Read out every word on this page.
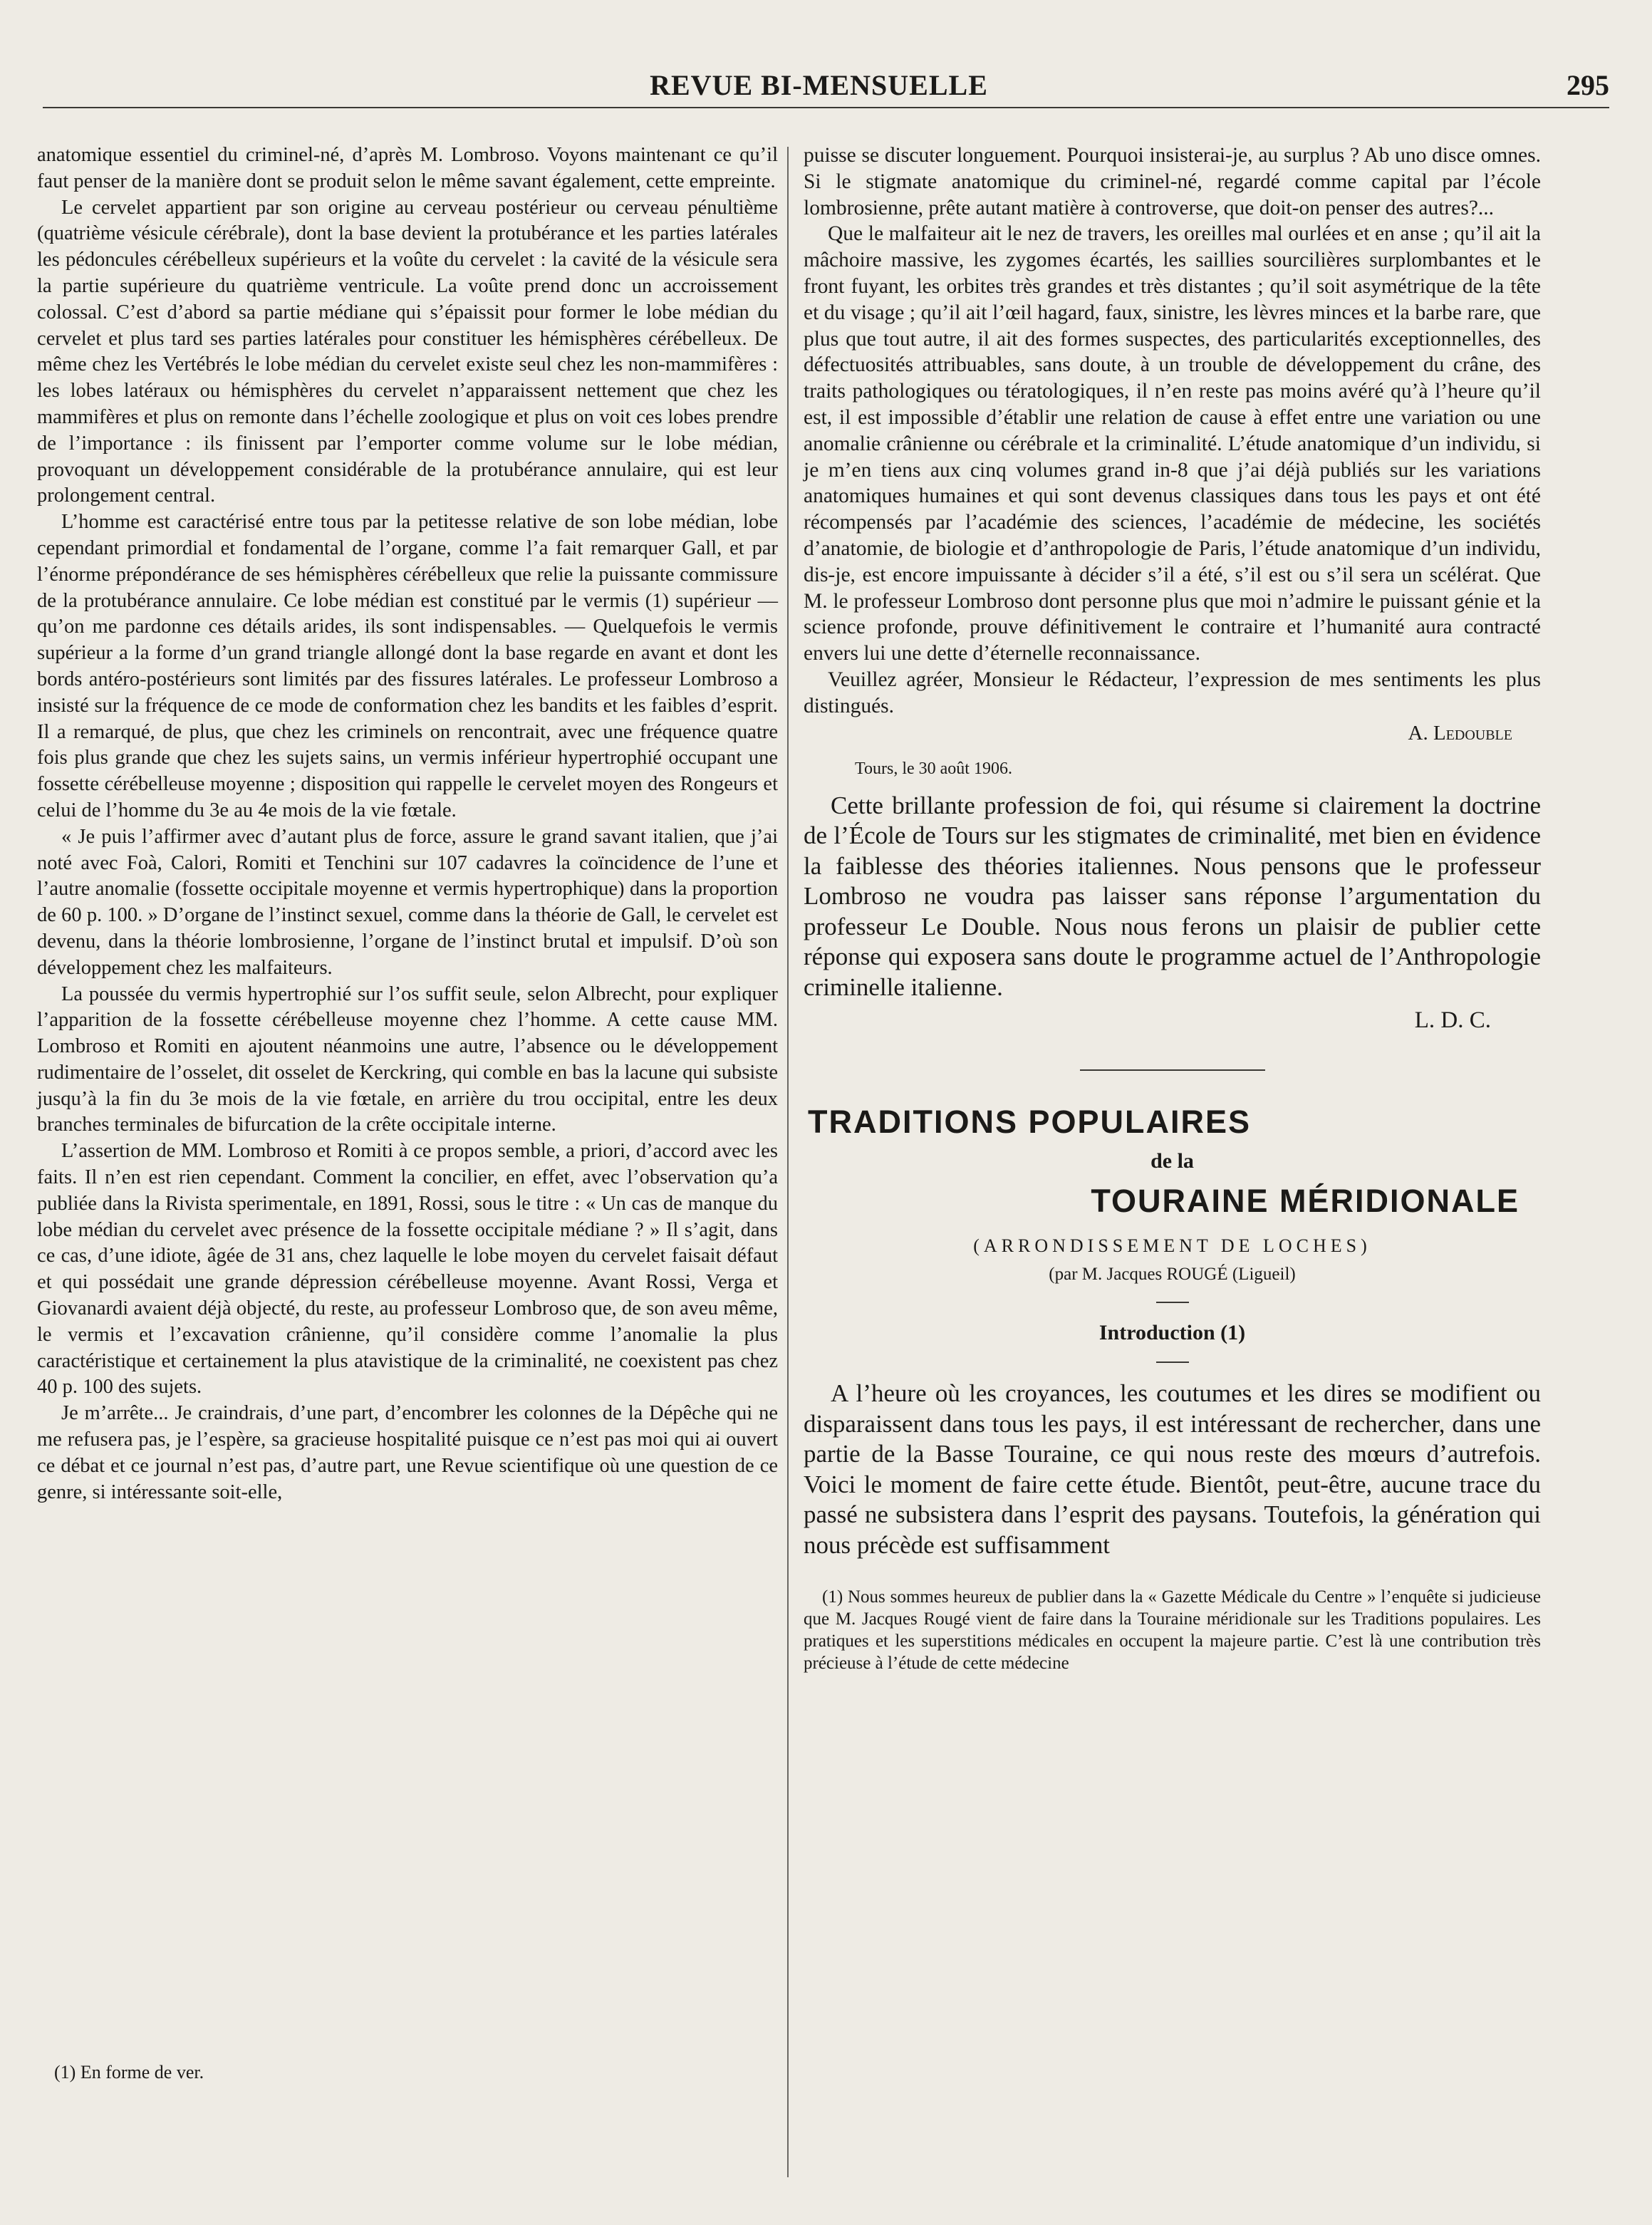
REVUE BI-MENSUELLE	295

anatomique essentiel du criminel-né, d’après M. Lombroso. Voyons maintenant ce qu’il faut penser de la manière dont se produit selon le même savant également, cette empreinte.

Le cervelet appartient par son origine au cerveau postérieur ou cerveau pénultième (quatrième vésicule cérébrale), dont la base devient la protubérance et les parties latérales les pédoncules cérébelleux supérieurs et la voûte du cervelet : la cavité de la vésicule sera la partie supérieure du quatrième ventricule. La voûte prend donc un accroissement colossal. C’est d’abord sa partie médiane qui s’épaissit pour former le lobe médian du cervelet et plus tard ses parties latérales pour constituer les hémisphères cérébelleux. De même chez les Vertébrés le lobe médian du cervelet existe seul chez les non-mammifères : les lobes latéraux ou hémisphères du cervelet n’apparaissent nettement que chez les mammifères et plus on remonte dans l’échelle zoologique et plus on voit ces lobes prendre de l’importance : ils finissent par l’emporter comme volume sur le lobe médian, provoquant un développement considérable de la protubérance annulaire, qui est leur prolongement central.

L’homme est caractérisé entre tous par la petitesse relative de son lobe médian, lobe cependant primordial et fondamental de l’organe, comme l’a fait remarquer Gall, et par l’énorme prépondérance de ses hémisphères cérébelleux que relie la puissante commissure de la protubérance annulaire. Ce lobe médian est constitué par le vermis (1) supérieur — qu’on me pardonne ces détails arides, ils sont indispensables. — Quelquefois le vermis supérieur a la forme d’un grand triangle allongé dont la base regarde en avant et dont les bords antéro-postérieurs sont limités par des fissures latérales. Le professeur Lombroso a insisté sur la fréquence de ce mode de conformation chez les bandits et les faibles d’esprit. Il a remarqué, de plus, que chez les criminels on rencontrait, avec une fréquence quatre fois plus grande que chez les sujets sains, un vermis inférieur hypertrophié occupant une fossette cérébelleuse moyenne ; disposition qui rappelle le cervelet moyen des Rongeurs et celui de l’homme du 3e au 4e mois de la vie fœtale.

« Je puis l’affirmer avec d’autant plus de force, assure le grand savant italien, que j’ai noté avec Foà, Calori, Romiti et Tenchini sur 107 cadavres la coïncidence de l’une et l’autre anomalie (fossette occipitale moyenne et vermis hypertrophique) dans la proportion de 60 p. 100. » D’organe de l’instinct sexuel, comme dans la théorie de Gall, le cervelet est devenu, dans la théorie lombrosienne, l’organe de l’instinct brutal et impulsif. D’où son développement chez les malfaiteurs.

La poussée du vermis hypertrophié sur l’os suffit seule, selon Albrecht, pour expliquer l’apparition de la fossette cérébelleuse moyenne chez l’homme. A cette cause MM. Lombroso et Romiti en ajoutent néanmoins une autre, l’absence ou le développement rudimentaire de l’osselet, dit osselet de Kerckring, qui comble en bas la lacune qui subsiste jusqu’à la fin du 3e mois de la vie fœtale, en arrière du trou occipital, entre les deux branches terminales de bifurcation de la crête occipitale interne.

L’assertion de MM. Lombroso et Romiti à ce propos semble, a priori, d’accord avec les faits. Il n’en est rien cependant. Comment la concilier, en effet, avec l’observation qu’a publiée dans la Rivista sperimentale, en 1891, Rossi, sous le titre : « Un cas de manque du lobe médian du cervelet avec présence de la fossette occipitale médiane ? » Il s’agit, dans ce cas, d’une idiote, âgée de 31 ans, chez laquelle le lobe moyen du cervelet faisait défaut et qui possédait une grande dépression cérébelleuse moyenne. Avant Rossi, Verga et Giovanardi avaient déjà objecté, du reste, au professeur Lombroso que, de son aveu même, le vermis et l’excavation crânienne, qu’il considère comme l’anomalie la plus caractéristique et certainement la plus atavistique de la criminalité, ne coexistent pas chez 40 p. 100 des sujets.

Je m’arrête... Je craindrais, d’une part, d’encombrer les colonnes de la Dépêche qui ne me refusera pas, je l’espère, sa gracieuse hospitalité puisque ce n’est pas moi qui ai ouvert ce débat et ce journal n’est pas, d’autre part, une Revue scientifique où une question de ce genre, si intéressante soit-elle,

(1) En forme de ver.

puisse se discuter longuement. Pourquoi insisterai-je, au surplus ? Ab uno disce omnes. Si le stigmate anatomique du criminel-né, regardé comme capital par l’école lombrosienne, prête autant matière à controverse, que doit-on penser des autres?...

Que le malfaiteur ait le nez de travers, les oreilles mal ourlées et en anse ; qu’il ait la mâchoire massive, les zygomes écartés, les saillies sourcilières surplombantes et le front fuyant, les orbites très grandes et très distantes ; qu’il soit asymétrique de la tête et du visage ; qu’il ait l’œil hagard, faux, sinistre, les lèvres minces et la barbe rare, que plus que tout autre, il ait des formes suspectes, des particularités exceptionnelles, des défectuosités attribuables, sans doute, à un trouble de développement du crâne, des traits pathologiques ou tératologiques, il n’en reste pas moins avéré qu’à l’heure qu’il est, il est impossible d’établir une relation de cause à effet entre une variation ou une anomalie crânienne ou cérébrale et la criminalité. L’étude anatomique d’un individu, si je m’en tiens aux cinq volumes grand in-8 que j’ai déjà publiés sur les variations anatomiques humaines et qui sont devenus classiques dans tous les pays et ont été récompensés par l’académie des sciences, l’académie de médecine, les sociétés d’anatomie, de biologie et d’anthropologie de Paris, l’étude anatomique d’un individu, dis-je, est encore impuissante à décider s’il a été, s’il est ou s’il sera un scélérat. Que M. le professeur Lombroso dont personne plus que moi n’admire le puissant génie et la science profonde, prouve définitivement le contraire et l’humanité aura contracté envers lui une dette d’éternelle reconnaissance.

Veuillez agréer, Monsieur le Rédacteur, l’expression de mes sentiments les plus distingués.

A. Ledouble
Tours, le 30 août 1906.

Cette brillante profession de foi, qui résume si clairement la doctrine de l’École de Tours sur les stigmates de criminalité, met bien en évidence la faiblesse des théories italiennes. Nous pensons que le professeur Lombroso ne voudra pas laisser sans réponse l’argumentation du professeur Le Double. Nous nous ferons un plaisir de publier cette réponse qui exposera sans doute le programme actuel de l’Anthropologie criminelle italienne.

L. D. C.
TRADITIONS POPULAIRES
de la
TOURAINE MÉRIDIONALE
(ARRONDISSEMENT DE LOCHES)
(par M. Jacques ROUGÉ (Ligueil)
Introduction (1)

A l’heure où les croyances, les coutumes et les dires se modifient ou disparaissent dans tous les pays, il est intéressant de rechercher, dans une partie de la Basse Touraine, ce qui nous reste des mœurs d’autrefois. Voici le moment de faire cette étude. Bientôt, peut-être, aucune trace du passé ne subsistera dans l’esprit des paysans. Toutefois, la génération qui nous précède est suffisamment

(1) Nous sommes heureux de publier dans la « Gazette Médicale du Centre » l’enquête si judicieuse que M. Jacques Rougé vient de faire dans la Touraine méridionale sur les Traditions populaires. Les pratiques et les superstitions médicales en occupent la majeure partie. C’est là une contribution très précieuse à l’étude de cette médecine
